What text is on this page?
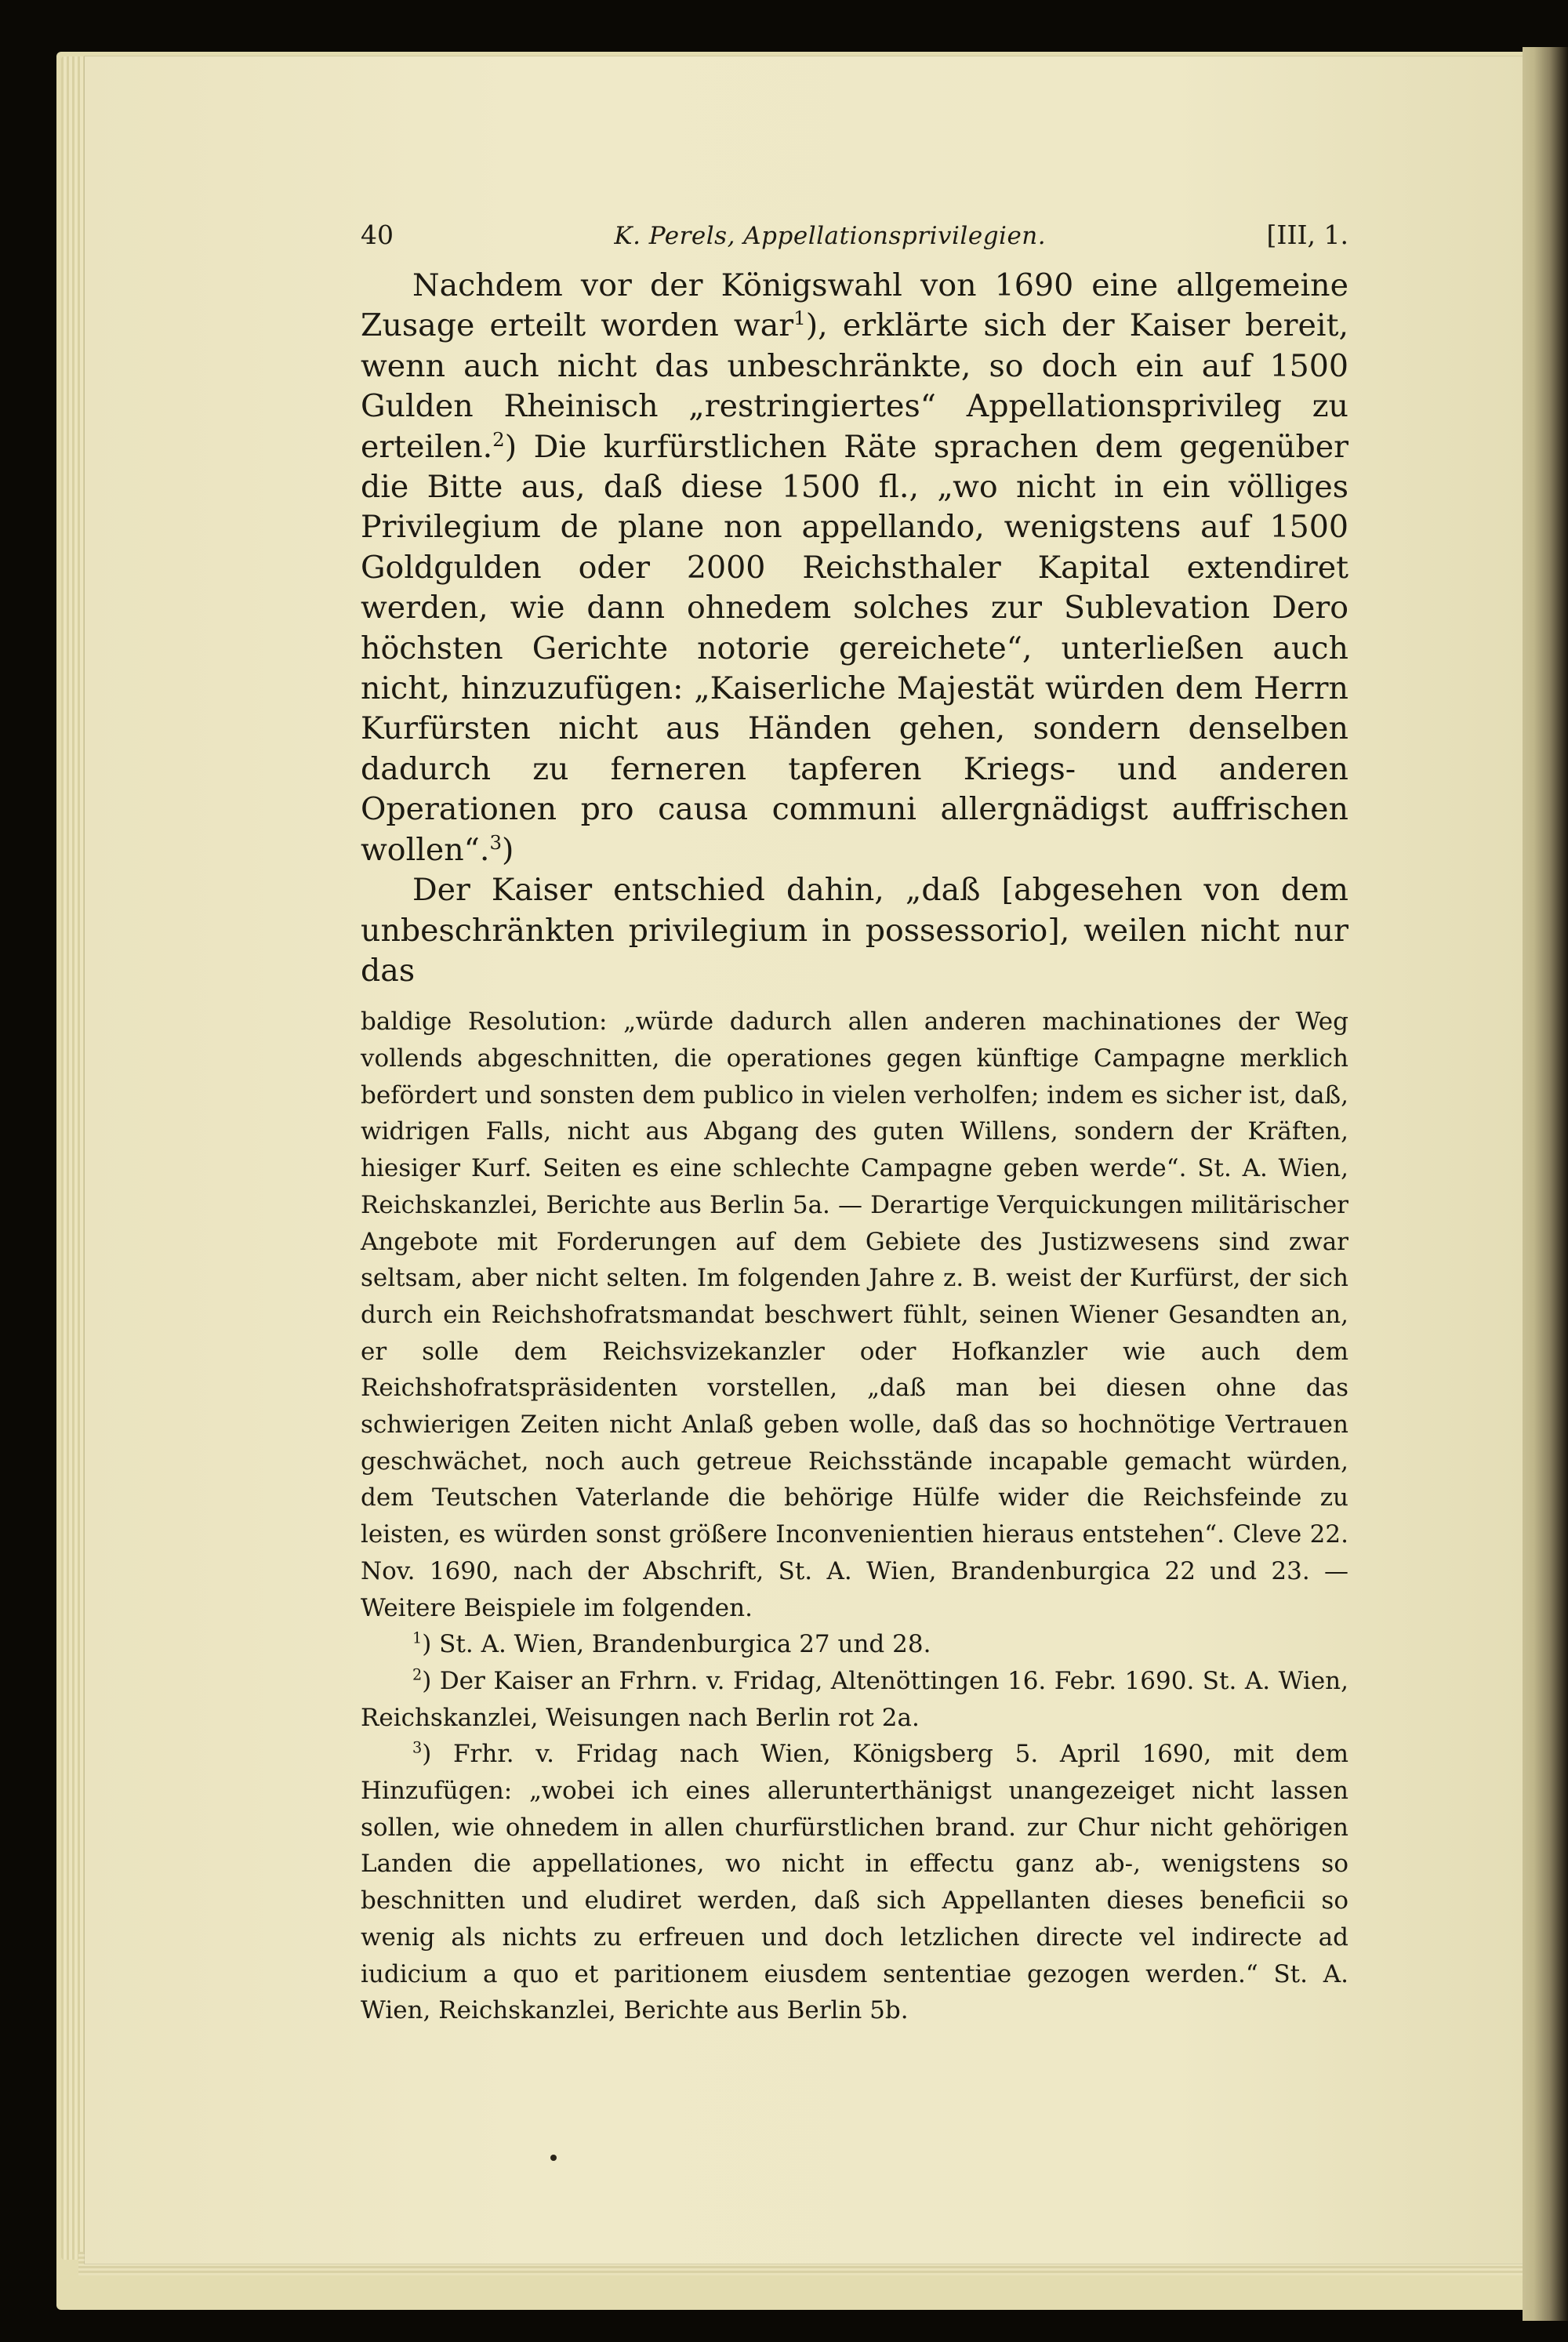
40	K. Perels, Appellationsprivilegien.	[III, 1.

Nachdem vor der Königswahl von 1690 eine allgemeine Zusage erteilt worden war$^1$), erklärte sich der Kaiser bereit, wenn auch nicht das unbeschränkte, so doch ein auf 1500 Gulden Rheinisch „restringiertes“ Appellationsprivileg zu erteilen.$^2$) Die kurfürstlichen Räte sprachen dem gegenüber die Bitte aus, daß diese 1500 fl., „wo nicht in ein völliges Privilegium de plane non appellando, wenigstens auf 1500 Goldgulden oder 2000 Reichsthaler Kapital extendiret werden, wie dann ohnedem solches zur Sublevation Dero höchsten Gerichte notorie gereichete“, unterließen auch nicht, hinzuzufügen: „Kaiserliche Majestät würden dem Herrn Kurfürsten nicht aus Händen gehen, sondern denselben dadurch zu ferneren tapferen Kriegs- und anderen Operationen pro causa communi allergnädigst auffrischen wollen“.$^3$)

Der Kaiser entschied dahin, „daß [abgesehen von dem unbeschränkten privilegium in possessorio], weilen nicht nur das

baldige Resolution: „würde dadurch allen anderen machinationes der Weg vollends abgeschnitten, die operationes gegen künftige Campagne merklich befördert und sonsten dem publico in vielen verholfen; indem es sicher ist, daß, widrigen Falls, nicht aus Abgang des guten Willens, sondern der Kräften, hiesiger Kurf. Seiten es eine schlechte Campagne geben werde“. St. A. Wien, Reichskanzlei, Berichte aus Berlin 5a. — Derartige Verquickungen militärischer Angebote mit Forderungen auf dem Gebiete des Justizwesens sind zwar seltsam, aber nicht selten. Im folgenden Jahre z. B. weist der Kurfürst, der sich durch ein Reichshofratsmandat beschwert fühlt, seinen Wiener Gesandten an, er solle dem Reichsvizekanzler oder Hofkanzler wie auch dem Reichshofratspräsidenten vorstellen, „daß man bei diesen ohne das schwierigen Zeiten nicht Anlaß geben wolle, daß das so hochnötige Vertrauen geschwächet, noch auch getreue Reichsstände incapable gemacht würden, dem Teutschen Vaterlande die behörige Hülfe wider die Reichsfeinde zu leisten, es würden sonst größere Inconvenientien hieraus entstehen“. Cleve 22. Nov. 1690, nach der Abschrift, St. A. Wien, Brandenburgica 22 und 23. — Weitere Beispiele im folgenden.

$^1$) St. A. Wien, Brandenburgica 27 und 28.

$^2$) Der Kaiser an Frhrn. v. Fridag, Altenöttingen 16. Febr. 1690. St. A. Wien, Reichskanzlei, Weisungen nach Berlin rot 2a.

$^3$) Frhr. v. Fridag nach Wien, Königsberg 5. April 1690, mit dem Hinzufügen: „wobei ich eines allerunterthänigst unangezeiget nicht lassen sollen, wie ohnedem in allen churfürstlichen brand. zur Chur nicht gehörigen Landen die appellationes, wo nicht in effectu ganz ab-, wenigstens so beschnitten und eludiret werden, daß sich Appellanten dieses beneficii so wenig als nichts zu erfreuen und doch letzlichen directe vel indirecte ad iudicium a quo et paritionem eiusdem sententiae gezogen werden.“ St. A. Wien, Reichskanzlei, Berichte aus Berlin 5b.
